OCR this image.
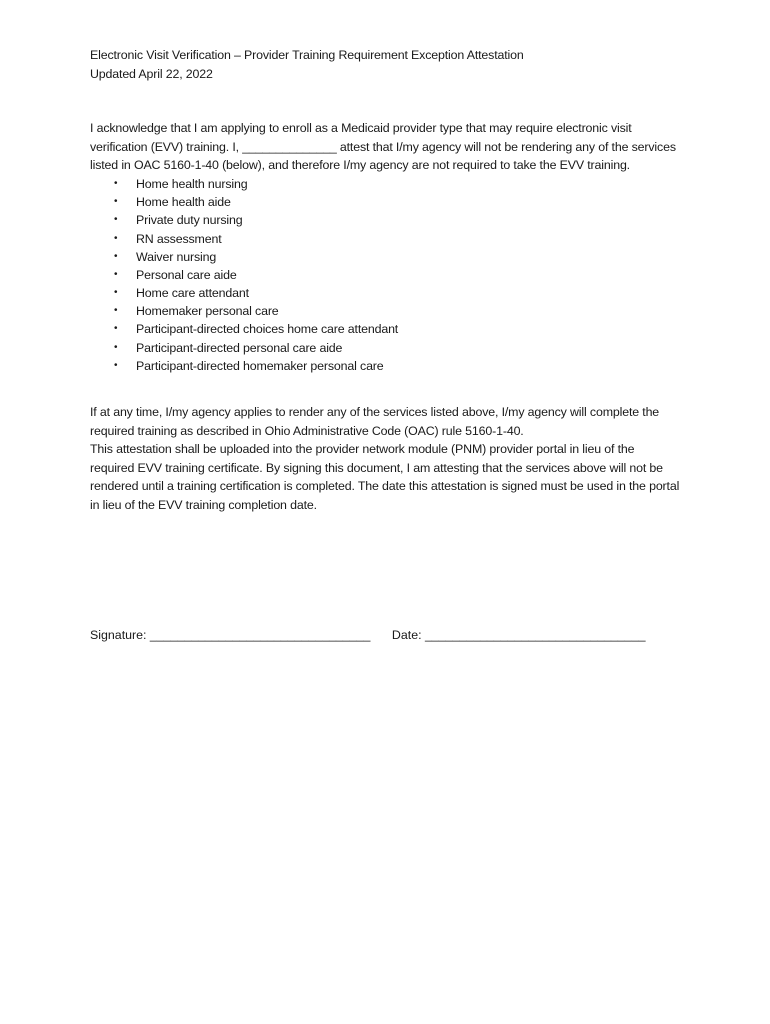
Electronic Visit Verification – Provider Training Requirement Exception Attestation

Updated April 22, 2022

I acknowledge that I am applying to enroll as a Medicaid provider type that may require electronic visit verification (EVV) training. I, ______________ attest that I/my agency will not be rendering any of the services listed in OAC 5160-1-40 (below), and therefore I/my agency are not required to take the EVV training.

• Home health nursing
• Home health aide
• Private duty nursing
• RN assessment
• Waiver nursing
• Personal care aide
• Home care attendant
• Homemaker personal care
• Participant-directed choices home care attendant
• Participant-directed personal care aide
• Participant-directed homemaker personal care

If at any time, I/my agency applies to render any of the services listed above, I/my agency will complete the required training as described in Ohio Administrative Code (OAC) rule 5160-1-40.

This attestation shall be uploaded into the provider network module (PNM) provider portal in lieu of the required EVV training certificate. By signing this document, I am attesting that the services above will not be rendered until a training certification is completed. The date this attestation is signed must be used in the portal in lieu of the EVV training completion date.

Signature: ________________________________ Date: ________________________________
